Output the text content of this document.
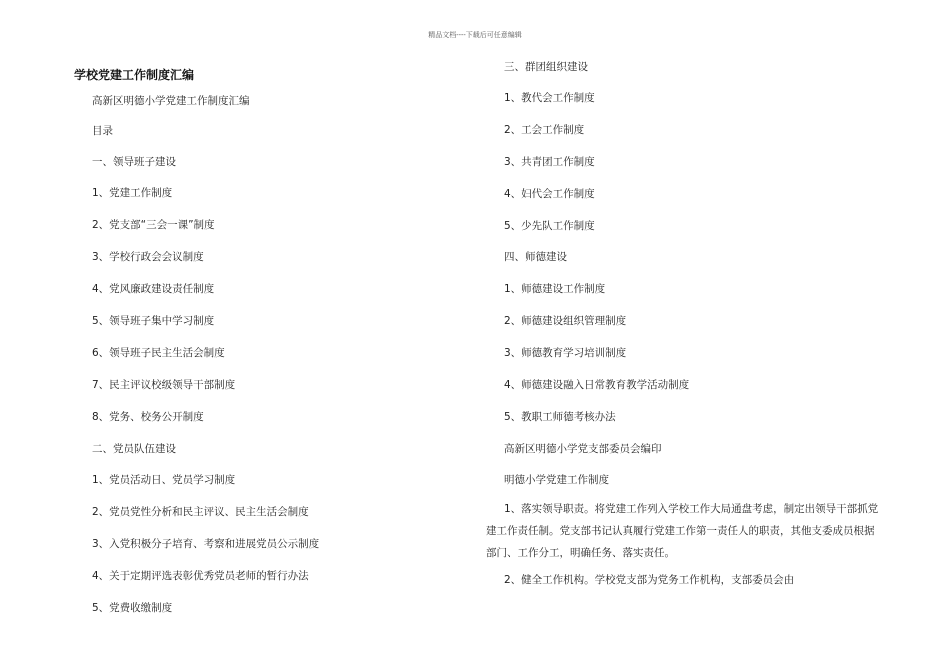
精品文档----下载后可任意编辑
学校党建工作制度汇编
高新区明德小学党建工作制度汇编
目录
一、领导班子建设
1、党建工作制度
2、党支部“三会一课”制度
3、学校行政会会议制度
4、党风廉政建设责任制度
5、领导班子集中学习制度
6、领导班子民主生活会制度
7、民主评议校级领导干部制度
8、党务、校务公开制度
二、党员队伍建设
1、党员活动日、党员学习制度
2、党员党性分析和民主评议、民主生活会制度
3、入党积极分子培育、考察和进展党员公示制度
4、关于定期评选表彰优秀党员老师的暂行办法
5、党费收缴制度
三、群团组织建设
1、教代会工作制度
2、工会工作制度
3、共青团工作制度
4、妇代会工作制度
5、少先队工作制度
四、师德建设
1、师德建设工作制度
2、师德建设组织管理制度
3、师德教育学习培训制度
4、师德建设融入日常教育教学活动制度
5、教职工师德考核办法
高新区明德小学党支部委员会编印
明德小学党建工作制度
1、落实领导职责。将党建工作列入学校工作大局通盘考虑，制定出领导干部抓党建工作责任制。党支部书记认真履行党建工作第一责任人的职责，其他支委成员根据部门、工作分工，明确任务、落实责任。
2、健全工作机构。学校党支部为党务工作机构，支部委员会由
